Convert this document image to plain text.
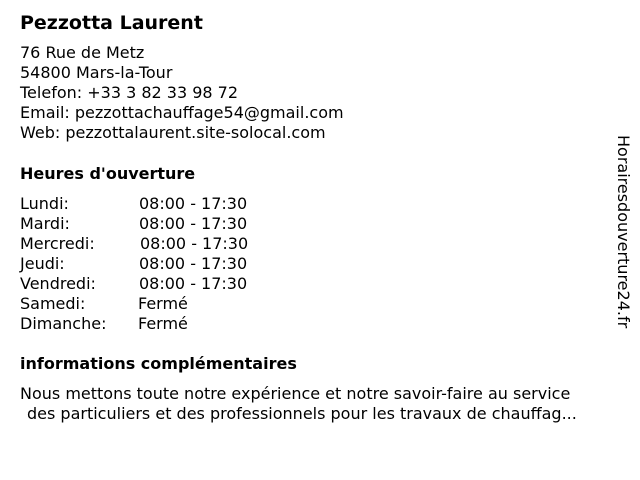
Pezzotta Laurent
76 Rue de Metz
54800 Mars-la-Tour
Telefon: +33 3 82 33 98 72
Email: pezzottachauffage54@gmail.com
Web: pezzottalaurent.site-solocal.com
Heures d'ouverture
Lundi:	08:00 - 17:30
Mardi:	08:00 - 17:30
Mercredi:	08:00 - 17:30
Jeudi:	08:00 - 17:30
Vendredi:	08:00 - 17:30
Samedi:	Fermé
Dimanche: Fermé
informations complémentaires
Nous mettons toute notre expérience et notre savoir-faire au service
des particuliers et des professionnels pour les travaux de chauffag...
Horairesdouverture24.fr
